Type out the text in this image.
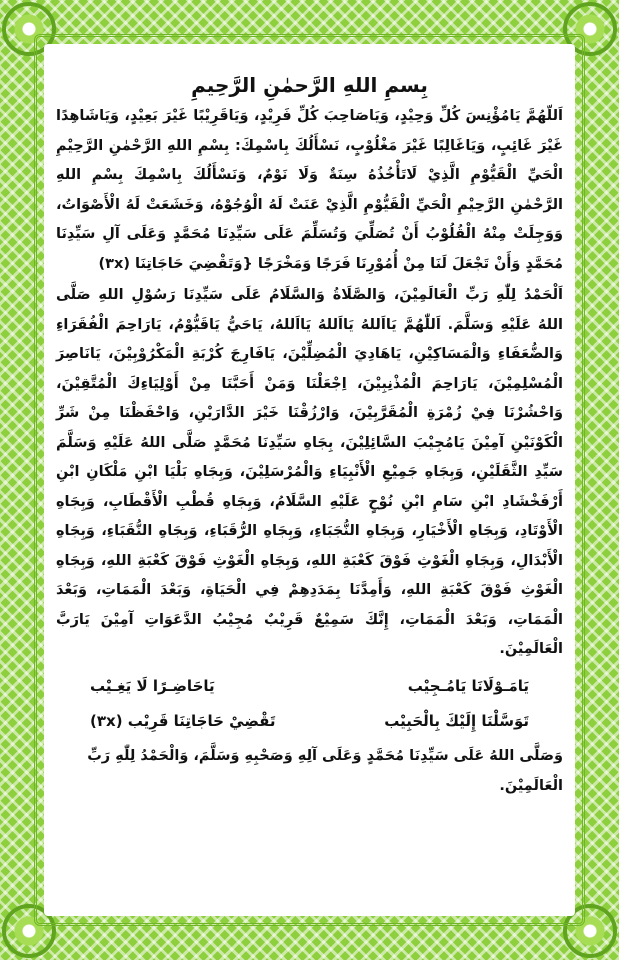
بِسمِ اللهِ الرَّحمٰنِ الرَّحِيمِ

اَللّهُمَّ يَامُؤْنِسَ كُلِّ وَحِيْدٍ، وَيَاصَاحِبَ كُلِّ فَرِيْدٍ، وَيَاقَرِيْبًا غَيْرَ بَعِيْدٍ، وَيَاشَاهِدًا غَيْرَ غَائِبٍ، وَيَاغَالِبًا غَيْرَ مَغْلُوْبٍ، نَسْأَلُكَ بِاسْمِكَ: بِسْمِ اللهِ الرَّحْمٰنِ الرَّحِيْمِ الْحَيِّ الْقَيُّوْمِ الَّذِيْ لَاتَأْخُذُهُ سِنَةٌ وَلَا نَوْمٌ، وَنَسْأَلُكَ بِاسْمِكَ بِسْمِ اللهِ الرَّحْمٰنِ الرَّحِيْمِ الْحَيِّ الْقَيُّوْمِ الَّذِيْ عَنَتْ لَهُ الْوُجُوْهُ، وَخَشَعَتْ لَهُ الْأَصْوَاتُ، وَوَجِلَتْ مِنْهُ الْقُلُوْبُ أَنْ تُصَلِّيَ وَتُسَلِّمَ عَلَى سَيِّدِنَا مُحَمَّدٍ وَعَلَى آلِ سَيِّدِنَا مُحَمَّدٍ وَأَنْ تَجْعَلَ لَنَا مِنْ أُمُوْرِنَا فَرَجًا وَمَخْرَجًا {وَتَقْضِيَ حَاجَاتِنَا (٣x)

اَلْحَمْدُ لِلّٰهِ رَبِّ الْعَالَمِيْنَ، وَالصَّلَاةُ وَالسَّلَامُ عَلَى سَيِّدِنَا رَسُوْلِ اللهِ صَلَّى اللهُ عَلَيْهِ وَسَلَّمَ. اَللّٰهُمَّ يَااَللهُ يَااَللهُ يَااَللهُ، يَاحَيُّ يَاقَيُّوْمُ، يَارَاحِمَ الْفُقَرَاءِ وَالضُّعَفَاءِ وَالْمَسَاكِيْنِ، يَاهَادِيَ الْمُضِلِّيْنَ، يَافَارِجَ كُرْبَةِ الْمَكْرُوْبِيْنَ، يَانَاصِرَ الْمُسْلِمِيْنَ، يَارَاحِمَ الْمُذْنِبِيْنَ، اِجْعَلْنَا وَمَنْ أَحَبَّنَا مِنْ أَوْلِيَاءِكَ الْمُتَّقِيْنَ، وَاحْشُرْنَا فِيْ زُمْرَةِ الْمُقَرَّبِيْنَ، وَارْزُقْنَا خَيْرَ الدَّارَيْنِ، وَاحْفَظْنَا مِنْ شَرِّ الْكَوْنَيْنِ آمِيْنَ يَامُجِيْبَ السَّائِلِيْنَ، بِجَاهِ سَيِّدِنَا مُحَمَّدٍ صَلَّى اللهُ عَلَيْهِ وَسَلَّمَ سَيِّدِ الثَّقَلَيْنِ، وَبِجَاهِ جَمِيْعِ الْأَنْبِيَاءِ وَالْمُرْسَلِيْنَ، وَبِجَاهِ بَلْيَا ابْنِ مَلْكَانِ ابْنِ أَرْفَخْشَادِ ابْنِ سَامِ ابْنِ نُوْحٍ عَلَيْهِ السَّلَامُ، وَبِجَاهِ قُطْبِ الْأَقْطَابِ، وَبِجَاهِ الْأَوْتَادِ، وَبِجَاهِ الْأَخْيَارِ، وَبِجَاهِ النُّجَبَاءِ، وَبِجَاهِ الرُّقَبَاءِ، وَبِجَاهِ النُّقَبَاءِ، وَبِجَاهِ الْأَبْدَالِ، وَبِجَاهِ الْغَوْثِ فَوْقَ كَعْبَةِ اللهِ، وَبِجَاهِ الْغَوْثِ فَوْقَ كَعْبَةِ اللهِ، وَبِجَاهِ الْغَوْثِ فَوْقَ كَعْبَةِ اللهِ، وَأَمِدَّنَا بِمَدَدِهِمْ فِي الْحَيَاةِ، وَبَعْدَ الْمَمَاتِ، وَبَعْدَ الْمَمَاتِ، وَبَعْدَ الْمَمَاتِ، إِنَّكَ سَمِيْعٌ قَرِيْبٌ مُجِيْبُ الدَّعَوَاتِ آمِيْنَ يَارَبَّ الْعَالَمِيْنَ.

يَامَـوْلَانَا يَامُـجِيْب
يَاحَاضِـرًا لَا يَغِـيْب
تَوَسَّلْنَا إِلَيْكَ بِالْحَبِيْب
تَقْضِيْ حَاجَاتِنَا قَرِيْب (٣x)
وَصَلَّى اللهُ عَلَى سَيِّدِنَا مُحَمَّدٍ وَعَلَى آلِهِ وَصَحْبِهِ وَسَلَّمَ، وَالْحَمْدُ لِلّٰهِ رَبِّ الْعَالَمِيْنَ.
